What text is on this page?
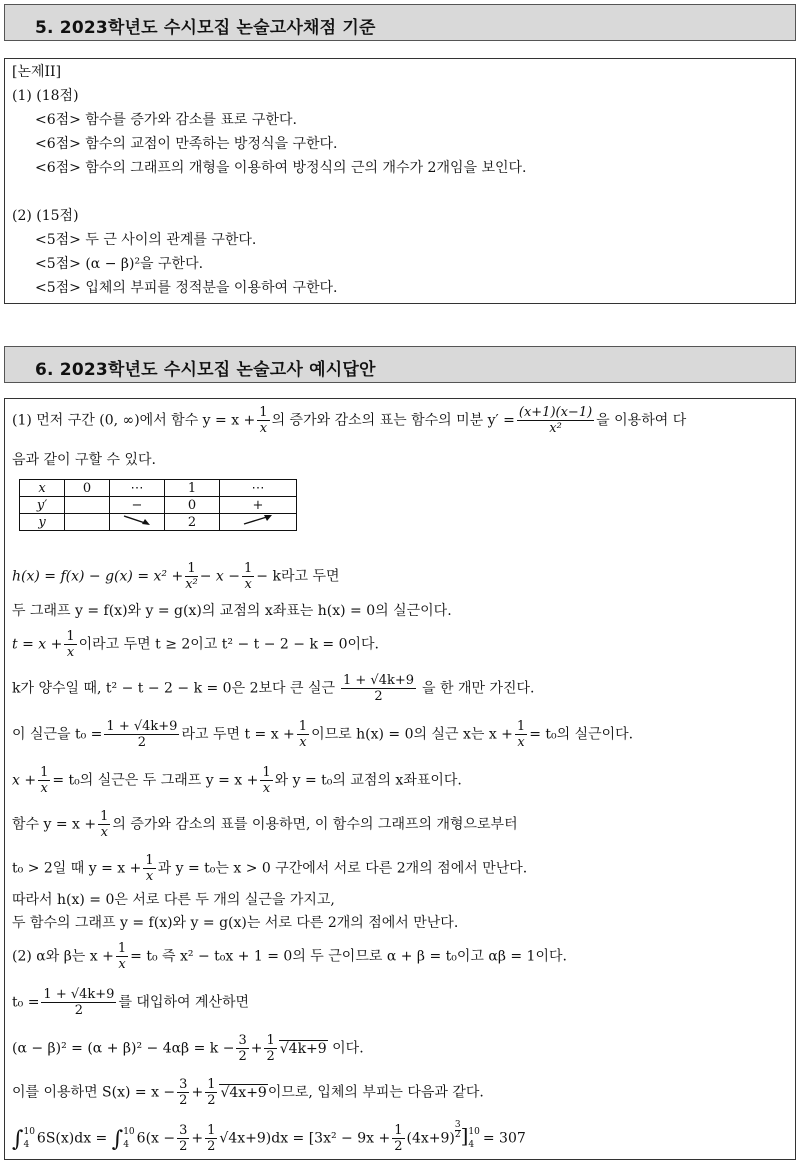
5. 2023학년도 수시모집 논술고사채점 기준
[논제II]
(1) (18점)
<6점> 함수를 증가와 감소를 표로 구한다.
<6점> 함수의 교점이 만족하는 방정식을 구한다.
<6점> 함수의 그래프의 개형을 이용하여 방정식의 근의 개수가 2개임을 보인다.
(2) (15점)
<5점> 두 근 사이의 관계를 구한다.
<5점> (α − β)²을 구한다.
<5점> 입체의 부피를 정적분을 이용하여 구한다.
6. 2023학년도 수시모집 논술고사 예시답안
(1) 먼저 구간 (0, ∞)에서 함수 $y = x + \frac{1}{x}$ 의 증가와 감소의 표는 함수의 미분 $y' = \frac{(x+1)(x-1)}{\text{x²}}$ 을 이용하여 다
음과 같이 구할 수 있다.
x	0	⋯	1	⋯
y′		−	0	+
y			2	
$h(x) = f(x) - g(x) = x^2 + \frac{1}{\text{x²}} - x - \frac{1}{x} - k$라고 두면
두 그래프 y = f(x)와 y = g(x)의 교점의 x좌표는 h(x) = 0의 실근이다.
$t = x + \frac{1}{x}$ 이라고 두면 t ≥ 2이고 t² − t − 2 − k = 0이다.
k가 양수일 때, t² − t − 2 − k = 0은 2보다 큰 실근 $\frac{1 + √4k+9}{2}$ 을 한 개만 가진다.
이 실근을 $t_0 = \frac{1 + √4k+9}{2}$ 라고 두면 $t = x + \frac{1}{x}$ 이므로 h(x) = 0의 실근 x는 $x + \frac{1}{x} = t_0$의 실근이다.
$x + \frac{1}{x} = t_0$의 실근은 두 그래프 $y = x + \frac{1}{x}$ 와 y = t₀의 교점의 x좌표이다.
함수 $y = x + \frac{1}{x}$ 의 증가와 감소의 표를 이용하면, 이 함수의 그래프의 개형으로부터
t₀ > 2일 때 $y = x + \frac{1}{x}$ 과 y = t₀는 x > 0 구간에서 서로 다른 2개의 점에서 만난다.
따라서 h(x) = 0은 서로 다른 두 개의 실근을 가지고,
두 함수의 그래프 y = f(x)와 y = g(x)는 서로 다른 2개의 점에서 만난다.
(2) α와 β는 $x + \frac{1}{x} = t_0$ 즉 x² − t₀x + 1 = 0의 두 근이므로 α + β = t₀이고 αβ = 1이다.
$t_0 = \frac{1 + √4k+9}{2}$ 를 대입하여 계산하면
$(\alpha - \beta)^2 = (\alpha + \beta)^2 - 4\alpha\beta = k - \frac{3}{2} + \frac{1}{2} √4k+9$ 이다.
이를 이용하면 $S(x) = x - \frac{3}{2} + \frac{1}{2} √4x+9$이므로, 입체의 부피는 다음과 같다.
∫ 10
4 6S(x)dx = ∫ 10
4 $6(x - \frac{3}{2} + \frac{1}{2} √4x+9)dx = [3x^2 - 9x + \frac{1}{2} (4x+9) \frac{3}{2}$ ] 10
4 = 307
